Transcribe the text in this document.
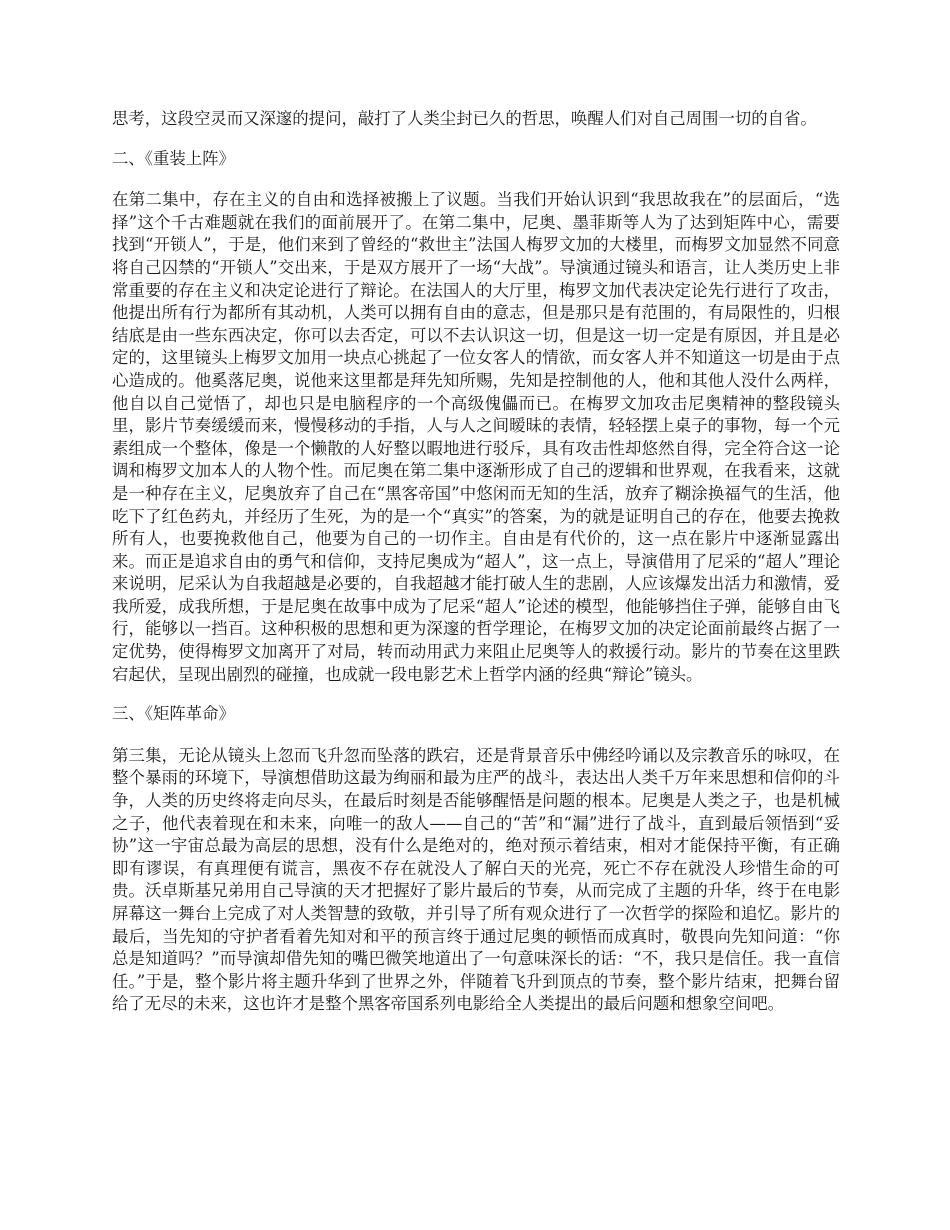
思考，这段空灵而又深邃的提问，敲打了人类尘封已久的哲思，唤醒人们对自己周围一切的自省。

二、《重装上阵》

在第二集中，存在主义的自由和选择被搬上了议题。当我们开始认识到“我思故我在”的层面后，“选择”这个千古难题就在我们的面前展开了。在第二集中，尼奥、墨菲斯等人为了达到矩阵中心，需要找到“开锁人”，于是，他们来到了曾经的“救世主”法国人梅罗文加的大楼里，而梅罗文加显然不同意将自己囚禁的“开锁人”交出来，于是双方展开了一场“大战”。导演通过镜头和语言，让人类历史上非常重要的存在主义和决定论进行了辩论。在法国人的大厅里，梅罗文加代表决定论先行进行了攻击，他提出所有行为都所有其动机，人类可以拥有自由的意志，但是那只是有范围的，有局限性的，归根结底是由一些东西决定，你可以去否定，可以不去认识这一切，但是这一切一定是有原因，并且是必定的，这里镜头上梅罗文加用一块点心挑起了一位女客人的情欲，而女客人并不知道这一切是由于点心造成的。他奚落尼奥，说他来这里都是拜先知所赐，先知是控制他的人，他和其他人没什么两样，他自以自己觉悟了，却也只是电脑程序的一个高级傀儡而已。在梅罗文加攻击尼奥精神的整段镜头里，影片节奏缓缓而来，慢慢移动的手指，人与人之间暧昧的表情，轻轻摆上桌子的事物，每一个元素组成一个整体，像是一个懒散的人好整以暇地进行驳斥，具有攻击性却悠然自得，完全符合这一论调和梅罗文加本人的人物个性。而尼奥在第二集中逐渐形成了自己的逻辑和世界观，在我看来，这就是一种存在主义，尼奥放弃了自己在“黑客帝国”中悠闲而无知的生活，放弃了糊涂换福气的生活，他吃下了红色药丸，并经历了生死，为的是一个“真实”的答案，为的就是证明自己的存在，他要去挽救所有人，也要挽救他自己，他要为自己的一切作主。自由是有代价的，这一点在影片中逐渐显露出来。而正是追求自由的勇气和信仰，支持尼奥成为“超人”，这一点上，导演借用了尼采的“超人”理论来说明，尼采认为自我超越是必要的，自我超越才能打破人生的悲剧，人应该爆发出活力和激情，爱我所爱，成我所想，于是尼奥在故事中成为了尼采“超人”论述的模型，他能够挡住子弹，能够自由飞行，能够以一挡百。这种积极的思想和更为深邃的哲学理论，在梅罗文加的决定论面前最终占据了一定优势，使得梅罗文加离开了对局，转而动用武力来阻止尼奥等人的救援行动。影片的节奏在这里跌宕起伏，呈现出剧烈的碰撞，也成就一段电影艺术上哲学内涵的经典“辩论”镜头。

三、《矩阵革命》

第三集，无论从镜头上忽而飞升忽而坠落的跌宕，还是背景音乐中佛经吟诵以及宗教音乐的咏叹，在整个暴雨的环境下，导演想借助这最为绚丽和最为庄严的战斗，表达出人类千万年来思想和信仰的斗争，人类的历史终将走向尽头，在最后时刻是否能够醒悟是问题的根本。尼奥是人类之子，也是机械之子，他代表着现在和未来，向唯一的敌人——自己的“苦”和“漏”进行了战斗，直到最后领悟到“妥协”这一宇宙总最为高层的思想，没有什么是绝对的，绝对预示着结束，相对才能保持平衡，有正确即有谬误，有真理便有谎言，黑夜不存在就没人了解白天的光亮，死亡不存在就没人珍惜生命的可贵。沃卓斯基兄弟用自己导演的天才把握好了影片最后的节奏，从而完成了主题的升华，终于在电影屏幕这一舞台上完成了对人类智慧的致敬，并引导了所有观众进行了一次哲学的探险和追忆。影片的最后，当先知的守护者看着先知对和平的预言终于通过尼奥的顿悟而成真时，敬畏向先知问道：“你总是知道吗？”而导演却借先知的嘴巴微笑地道出了一句意味深长的话：“不，我只是信任。我一直信任。”于是，整个影片将主题升华到了世界之外，伴随着飞升到顶点的节奏，整个影片结束，把舞台留给了无尽的未来，这也许才是整个黑客帝国系列电影给全人类提出的最后问题和想象空间吧。
